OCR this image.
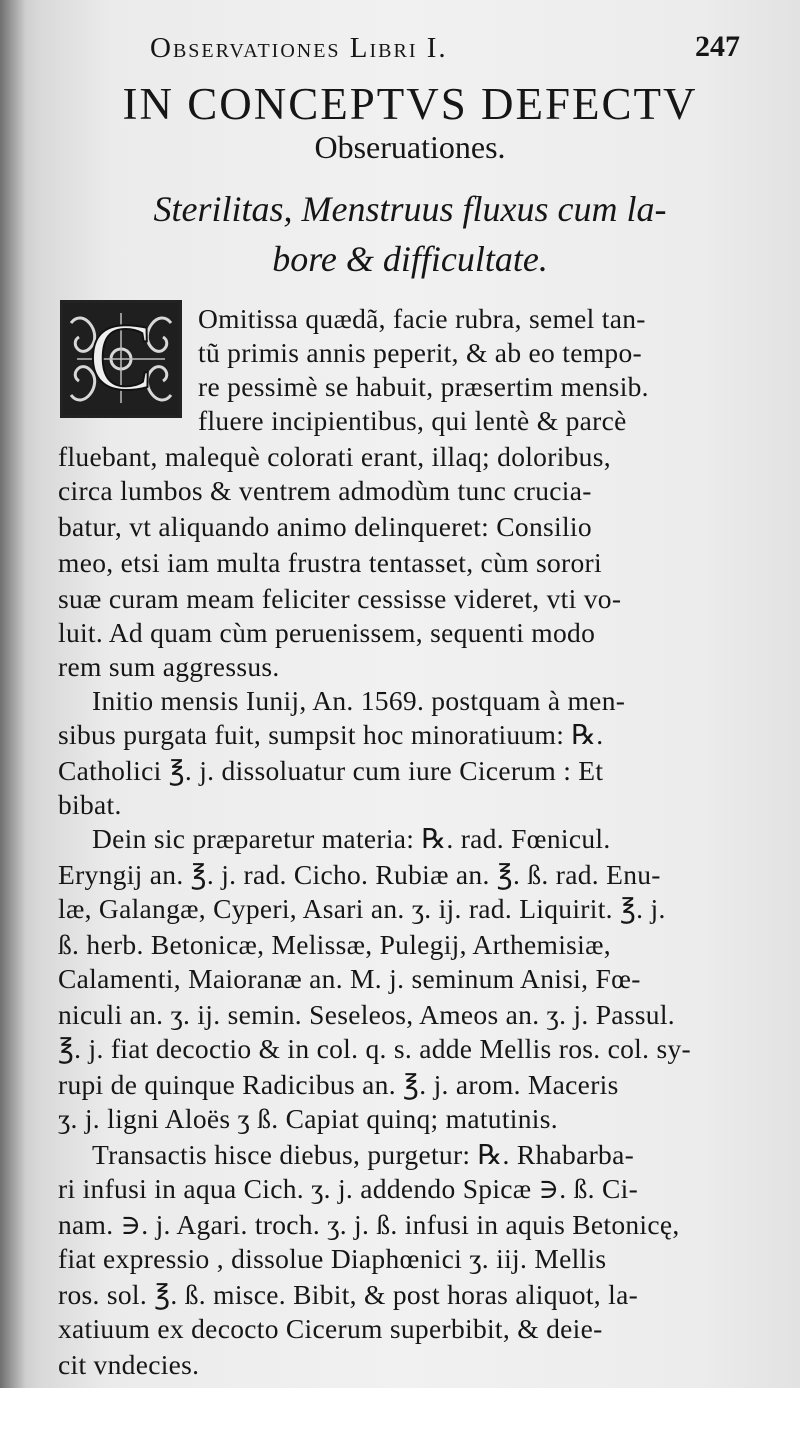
Observationes Libri I.	247
IN CONCEPTVS DEFECTV
Obseruationes.
Sterilitas, Menstruus fluxus cum la-
bore & difficultate.
C Omitissa quædã, facie rubra, semel tan-
tũ primis annis peperit, & ab eo tempo-
re pessimè se habuit, præsertim mensib.
fluere incipientibus, qui lentè & parcè
fluebant, malequè colorati erant, illaq; doloribus,
circa lumbos & ventrem admodùm tunc crucia-
batur, vt aliquando animo delinqueret: Consilio
meo, etsi iam multa frustra tentasset, cùm sorori
suæ curam meam feliciter cessisse videret, vti vo-
luit. Ad quam cùm peruenissem, sequenti modo
rem sum aggressus.
Initio mensis Iunij, An. 1569. postquam à men-
sibus purgata fuit, sumpsit hoc minoratiuum: ℞.
Catholici ℥. j. dissoluatur cum iure Cicerum : Et
bibat.
Dein sic præparetur materia: ℞. rad. Fœnicul.
Eryngij an. ℥. j. rad. Cicho. Rubiæ an. ℥. ß. rad. Enu-
læ, Galangæ, Cyperi, Asari an. ʒ. ij. rad. Liquirit. ℥. j.
ß. herb. Betonicæ, Melissæ, Pulegij, Arthemisiæ,
Calamenti, Maioranæ an. M. j. seminum Anisi, Fœ-
niculi an. ʒ. ij. semin. Seseleos, Ameos an. ʒ. j. Passul.
℥. j. fiat decoctio & in col. q. s. adde Mellis ros. col. sy-
rupi de quinque Radicibus an. ℥. j. arom. Maceris
ʒ. j. ligni Aloës ʒ ß. Capiat quinq; matutinis.
Transactis hisce diebus, purgetur: ℞. Rhabarba-
ri infusi in aqua Cich. ʒ. j. addendo Spicæ ∋. ß. Ci-
nam. ∋. j. Agari. troch. ʒ. j. ß. infusi in aquis Betonicę,
fiat expressio , dissolue Diaphœnici ʒ. iij. Mellis
ros. sol. ℥. ß. misce. Bibit, & post horas aliquot, la-
xatiuum ex decocto Cicerum superbibit, & deie-
cit vndecies.
